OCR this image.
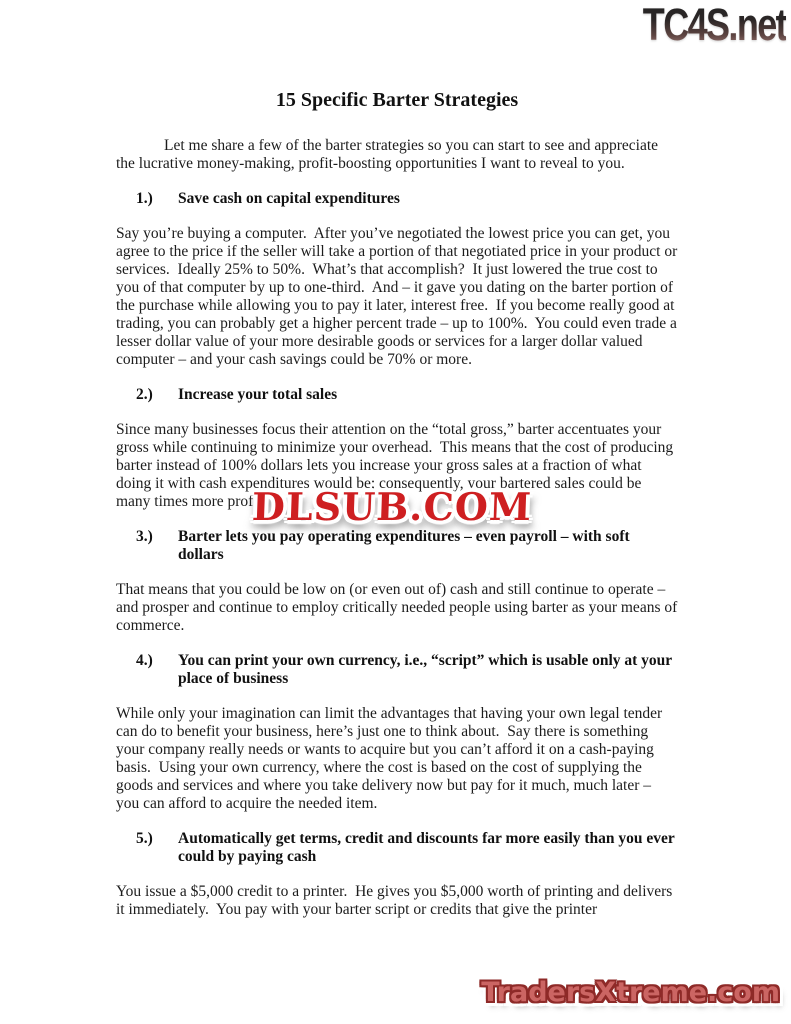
TC4S.net
15 Specific Barter Strategies

Let me share a few of the barter strategies so you can start to see and appreciate the lucrative money-making, profit-boosting opportunities I want to reveal to you.

1.)	Save cash on capital expenditures

Say you’re buying a computer.  After you’ve negotiated the lowest price you can get, you agree to the price if the seller will take a portion of that negotiated price in your product or services.  Ideally 25% to 50%.  What’s that accomplish?  It just lowered the true cost to you of that computer by up to one-third.  And – it gave you dating on the barter portion of the purchase while allowing you to pay it later, interest free.  If you become really good at trading, you can probably get a higher percent trade – up to 100%.  You could even trade a lesser dollar value of your more desirable goods or services for a larger dollar valued computer – and your cash savings could be 70% or more.

2.)	Increase your total sales

Since many businesses focus their attention on the “total gross,” barter accentuates your gross while continuing to minimize your overhead.  This means that the cost of producing barter instead of 100% dollars lets you increase your gross sales at a fraction of what doing it with cash expenditures would be; consequently, your bartered sales could be many times more profi

3.)	Barter lets you pay operating expenditures – even payroll – with soft dollars

That means that you could be low on (or even out of) cash and still continue to operate – and prosper and continue to employ critically needed people using barter as your means of commerce.

4.)	You can print your own currency, i.e., “script” which is usable only at your place of business

While only your imagination can limit the advantages that having your own legal tender can do to benefit your business, here’s just one to think about.  Say there is something your company really needs or wants to acquire but you can’t afford it on a cash-paying basis.  Using your own currency, where the cost is based on the cost of supplying the goods and services and where you take delivery now but pay for it much, much later – you can afford to acquire the needed item.

5.)	Automatically get terms, credit and discounts far more easily than you ever could by paying cash

You issue a $5,000 credit to a printer.  He gives you $5,000 worth of printing and delivers it immediately.  You pay with your barter script or credits that give the printer

DLSUB.COM
TradersXtreme.com
